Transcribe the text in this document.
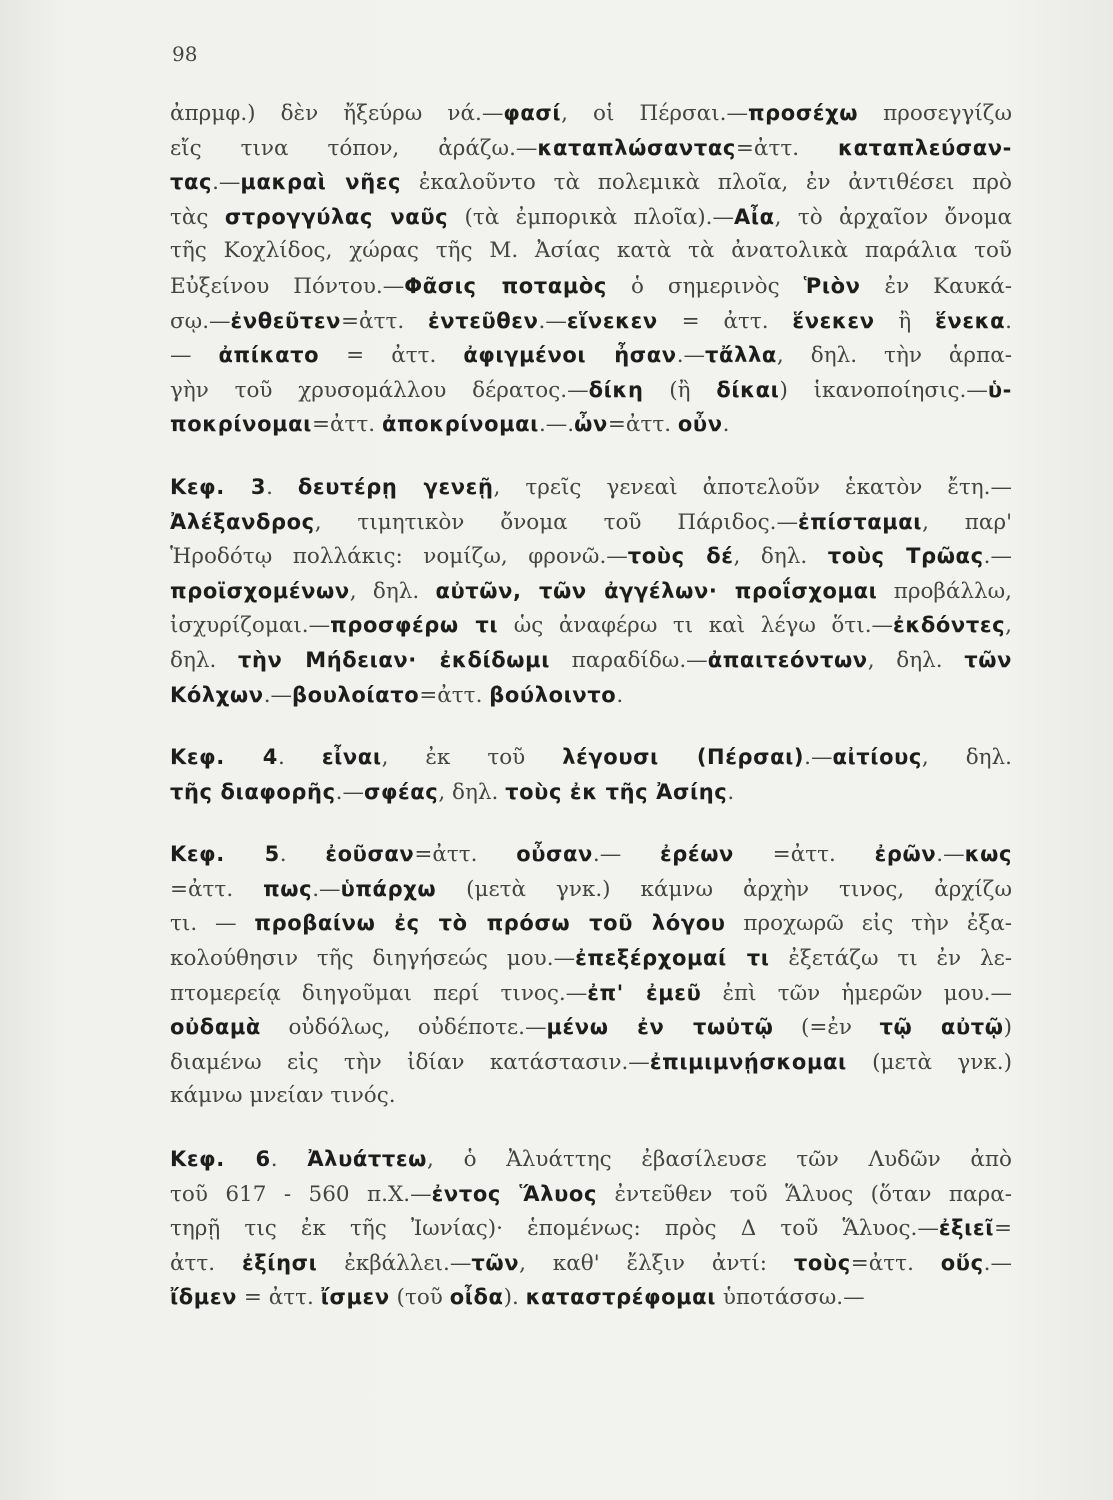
98
ἀπρμφ.) δὲν ἤξεύρω νά.—φασί, οἱ Πέρσαι.—προσέχω προσεγγίζω
εἴς τινα τόπον, ἀράζω.—καταπλώσαντας=ἀττ. καταπλεύσαν-
τας.—μακραὶ νῆες ἐκαλοῦντο τὰ πολεμικὰ πλοῖα, ἐν ἀντιθέσει πρὸ
τὰς στρογγύλας ναῦς (τὰ ἐμπορικὰ πλοῖα).—Αἶα, τὸ ἀρχαῖον ὄνομα
τῆς Κοχλίδος, χώρας τῆς Μ. Ἀσίας κατὰ τὰ ἀνατολικὰ παράλια τοῦ
Εὐξείνου Πόντου.—Φᾶσις ποταμὸς ὁ σημερινὸς Ῥιὸν ἐν Καυκά-
σῳ.—ἐνθεῦτεν=ἀττ. ἐντεῦθεν.—εἵνεκεν = ἀττ. ἕνεκεν ἢ ἕνεκα.
— ἀπίκατο = ἀττ. ἀφιγμένοι ἦσαν.—τἄλλα, δηλ. τὴν ἁρπα-
γὴν τοῦ χρυσομάλλου δέρατος.—δίκη (ἢ δίκαι) ἱκανοποίησις.—ὑ-
ποκρίνομαι=ἀττ. ἀποκρίνομαι.—.ὦν=ἀττ. οὖν.
Κεφ. 3. δευτέρῃ γενεῇ, τρεῖς γενεαὶ ἀποτελοῦν ἑκατὸν ἔτη.—
Ἀλέξανδρος, τιμητικὸν ὄνομα τοῦ Πάριδος.—ἐπίσταμαι, παρ'
Ἡροδότῳ πολλάκις: νομίζω, φρονῶ.—τοὺς δέ, δηλ. τοὺς Τρῶας.—
προϊσχομένων, δηλ. αὐτῶν, τῶν ἀγγέλων· προΐσχομαι προβάλλω,
ἰσχυρίζομαι.—προσφέρω τι ὡς ἀναφέρω τι καὶ λέγω ὅτι.—ἐκδόντες,
δηλ. τὴν Μήδειαν· ἐκδίδωμι παραδίδω.—ἀπαιτεόντων, δηλ. τῶν
Κόλχων.—βουλοίατο=ἀττ. βούλοιντο.
Κεφ. 4. εἶναι, ἐκ τοῦ λέγουσι (Πέρσαι).—αἰτίους, δηλ.
τῆς διαφορῆς.—σφέας, δηλ. τοὺς ἐκ τῆς Ἀσίης.
Κεφ. 5. ἐοῦσαν=ἀττ. οὖσαν.— ἐρέων =ἀττ. ἐρῶν.—κως
=ἀττ. πως.—ὑπάρχω (μετὰ γνκ.) κάμνω ἀρχὴν τινος, ἀρχίζω
τι. — προβαίνω ἐς τὸ πρόσω τοῦ λόγου προχωρῶ εἰς τὴν ἐξα-
κολούθησιν τῆς διηγήσεώς μου.—ἐπεξέρχομαί τι ἐξετάζω τι ἐν λε-
πτομερείᾳ διηγοῦμαι περί τινος.—ἐπ' ἐμεῦ ἐπὶ τῶν ἡμερῶν μου.—
οὐδαμὰ οὐδόλως, οὐδέποτε.—μένω ἐν τωὐτῷ (=ἐν τῷ αὐτῷ)
διαμένω εἰς τὴν ἰδίαν κατάστασιν.—ἐπιμιμνῄσκομαι (μετὰ γνκ.)
κάμνω μνείαν τινός.
Κεφ. 6. Ἀλυάττεω, ὁ Ἀλυάττης ἐβασίλευσε τῶν Λυδῶν ἀπὸ
τοῦ 617 - 560 π.Χ.—ἐντος Ἅλυος ἐντεῦθεν τοῦ Ἅλυος (ὅταν παρα-
τηρῇ τις ἐκ τῆς Ἰωνίας)· ἑπομένως: πρὸς Δ τοῦ Ἅλυος.—ἐξιεῖ=
ἀττ. ἐξίησι ἐκβάλλει.—τῶν, καθ' ἔλξιν ἀντί: τοὺς=ἀττ. οὕς.—
ἴδμεν = ἀττ. ἴσμεν (τοῦ οἶδα). καταστρέφομαι ὑποτάσσω.—
